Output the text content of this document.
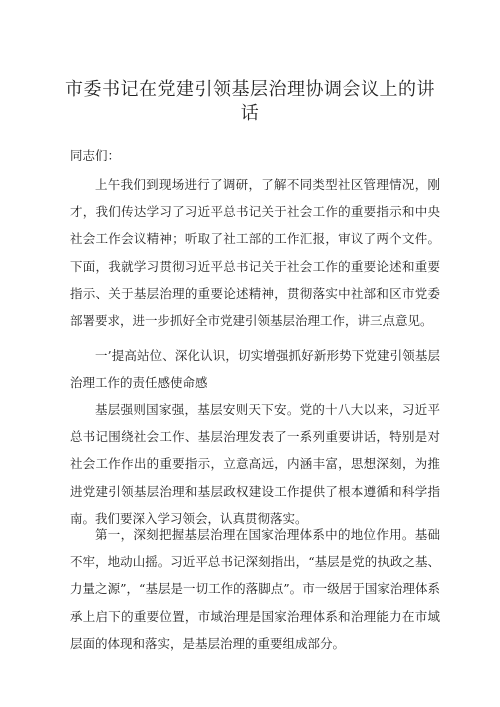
市委书记在党建引领基层治理协调会议上的讲话
同志们：
上午我们到现场进行了调研，了解不同类型社区管理情况，刚才，我们传达学习了习近平总书记关于社会工作的重要指示和中央社会工作会议精神；听取了社工部的工作汇报，审议了两个文件。下面，我就学习贯彻习近平总书记关于社会工作的重要论述和重要指示、关于基层治理的重要论述精神，贯彻落实中社部和区市党委部署要求，进一步抓好全市党建引领基层治理工作，讲三点意见。
一’提高站位、深化认识，切实增强抓好新形势下党建引领基层治理工作的责任感使命感
基层强则国家强，基层安则天下安。党的十八大以来，习近平总书记围绕社会工作、基层治理发表了一系列重要讲话，特别是对社会工作作出的重要指示，立意高远，内涵丰富，思想深刻，为推进党建引领基层治理和基层政权建设工作提供了根本遵循和科学指南。我们要深入学习领会，认真贯彻落实。
第一，深刻把握基层治理在国家治理体系中的地位作用。基础不牢，地动山摇。习近平总书记深刻指出，“基层是党的执政之基、力量之源”，“基层是一切工作的落脚点”。市一级居于国家治理体系承上启下的重要位置，市域治理是国家治理体系和治理能力在市域层面的体现和落实，是基层治理的重要组成部分。
